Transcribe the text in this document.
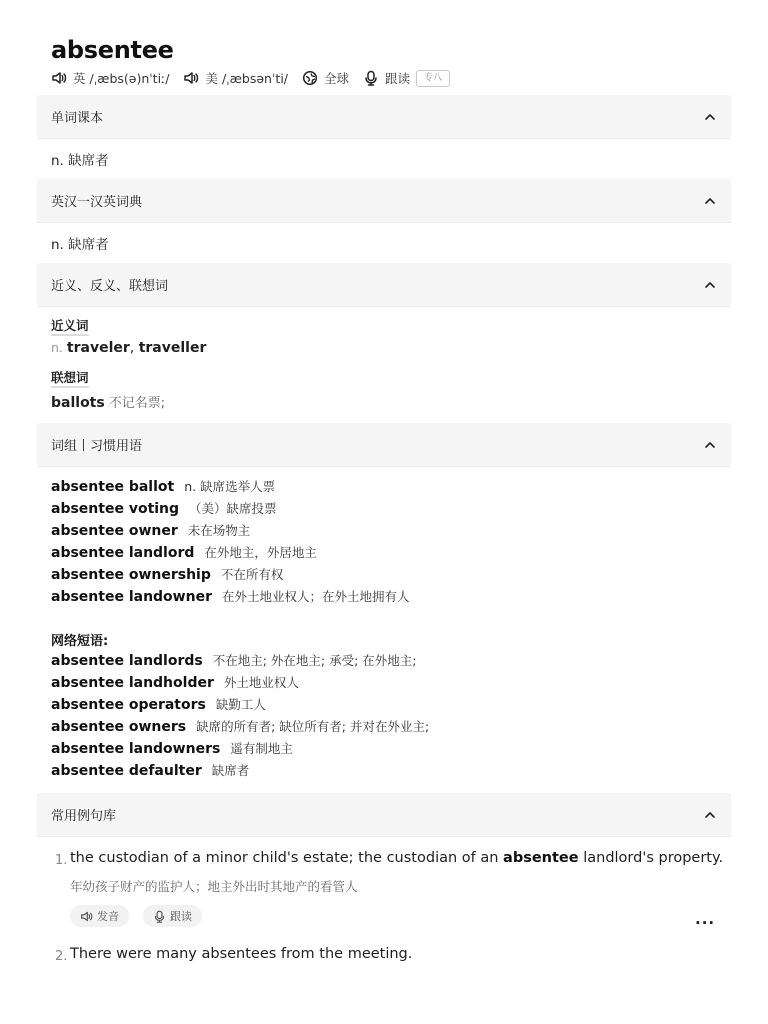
absentee
英 /ˌæbs(ə)nˈtiː/	美 /ˌæbsənˈti/	全球	跟读	专八
单词课本
n. 缺席者
英汉一汉英词典
n. 缺席者
近义、反义、联想词
近义词
n. traveler, traveller
联想词
ballots 不记名票;
词组丨习惯用语
absentee ballot n. 缺席选举人票
absentee voting （美）缺席投票
absentee owner 未在场物主
absentee landlord 在外地主，外居地主
absentee ownership 不在所有权
absentee landowner 在外土地业权人；在外土地拥有人
网络短语:
absentee landlords 不在地主; 外在地主; 承受; 在外地主;
absentee landholder 外土地业权人
absentee operators 缺勤工人
absentee owners 缺席的所有者; 缺位所有者; 并对在外业主;
absentee landowners 遥有制地主
absentee defaulter 缺席者
常用例句库
1. the custodian of a minor child's estate; the custodian of an absentee landlord's property.
年幼孩子财产的监护人；地主外出时其地产的看管人
发音	跟读	...
2. There were many absentees from the meeting.
